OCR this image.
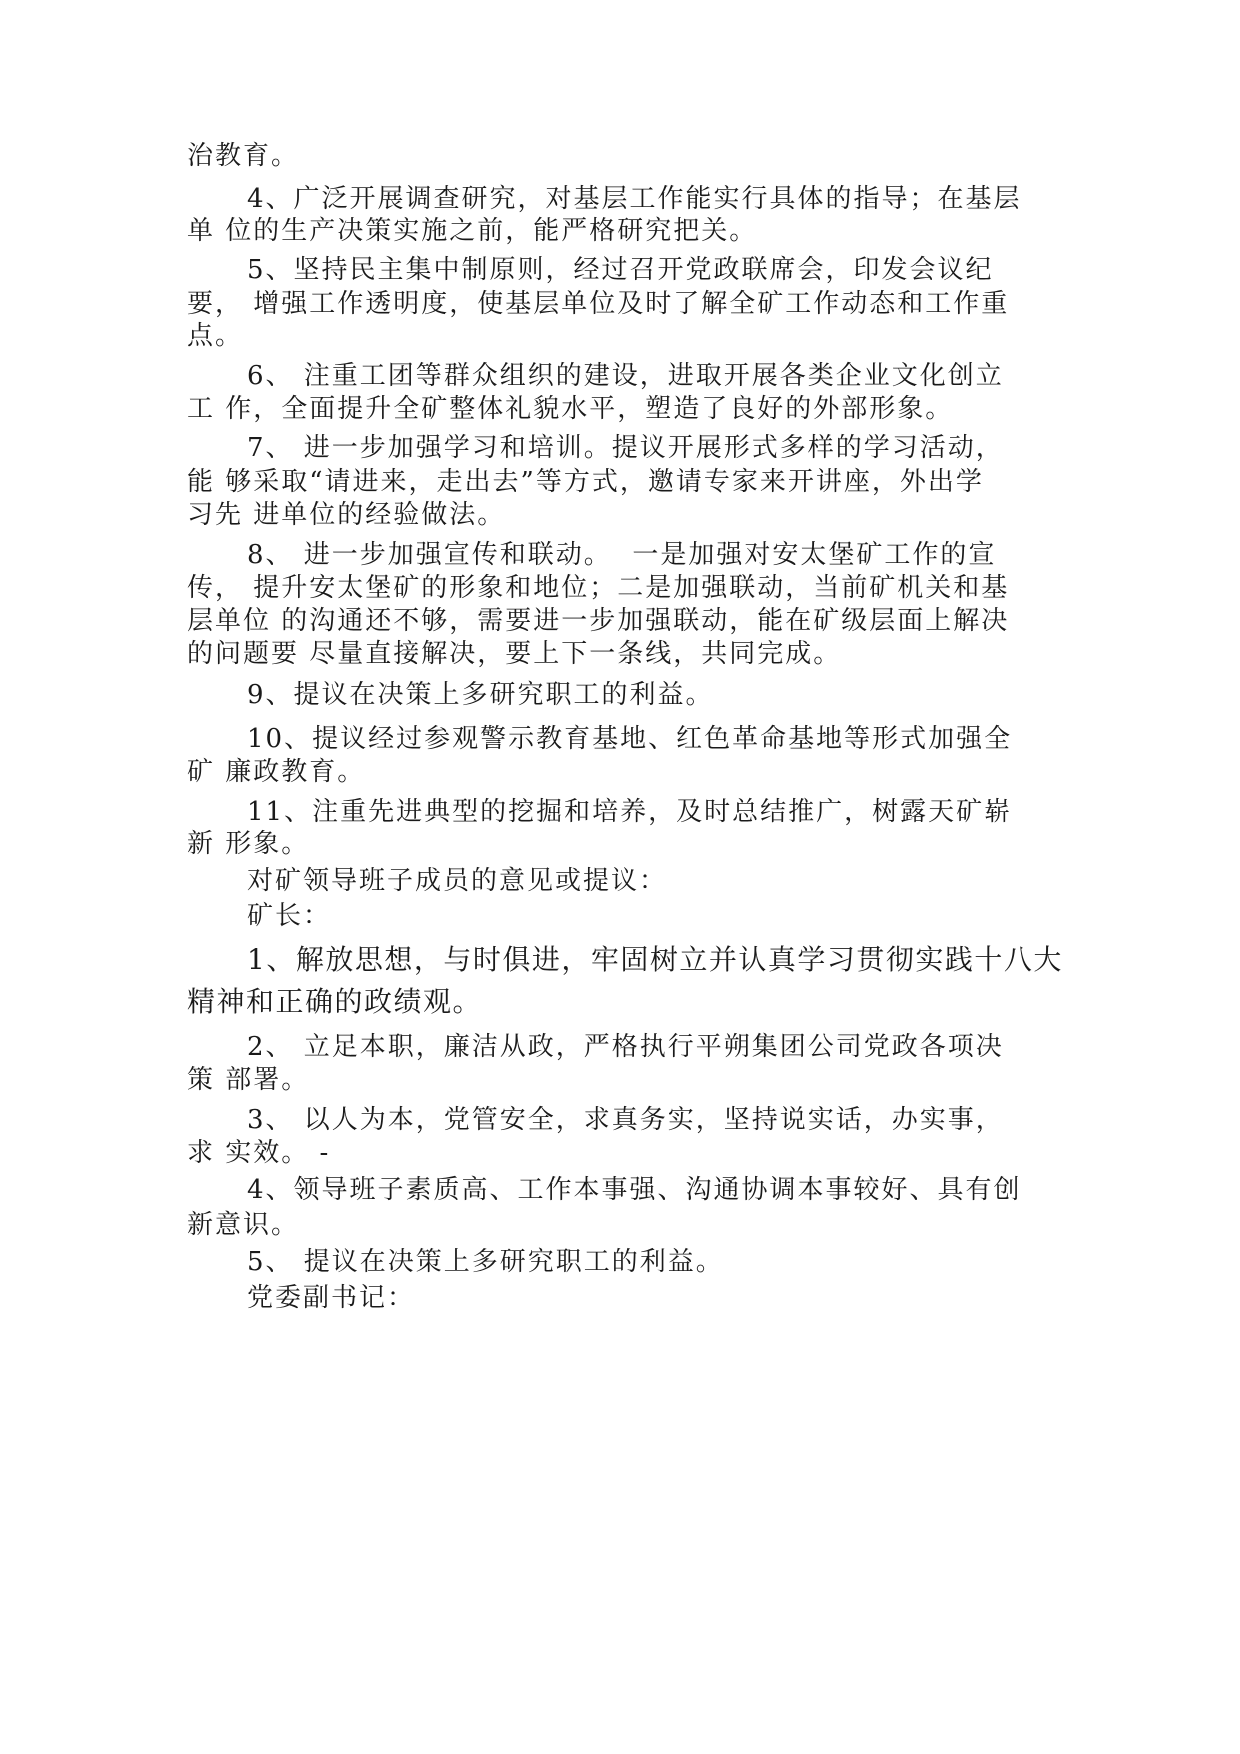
治教育。
4、广泛开展调查研究，对基层工作能实行具体的指导；在基层
单 位的生产决策实施之前，能严格研究把关。
5、坚持民主集中制原则，经过召开党政联席会，印发会议纪
要， 增强工作透明度，使基层单位及时了解全矿工作动态和工作重
点。
6、 注重工团等群众组织的建设，进取开展各类企业文化创立
工 作，全面提升全矿整体礼貌水平，塑造了良好的外部形象。
7、 进一步加强学习和培训。提议开展形式多样的学习活动，
能 够采取“请进来，走出去”等方式，邀请专家来开讲座，外出学
习先 进单位的经验做法。
8、 进一步加强宣传和联动。  一是加强对安太堡矿工作的宣
传， 提升安太堡矿的形象和地位；二是加强联动，当前矿机关和基
层单位 的沟通还不够，需要进一步加强联动，能在矿级层面上解决
的问题要 尽量直接解决，要上下一条线，共同完成。
9、提议在决策上多研究职工的利益。
10、提议经过参观警示教育基地、红色革命基地等形式加强全
矿 廉政教育。
11、注重先进典型的挖掘和培养，及时总结推广，树露天矿崭
新 形象。
对矿领导班子成员的意见或提议：
矿长：
1、解放思想，与时俱进，牢固树立并认真学习贯彻实践十八大
精神和正确的政绩观。
2、 立足本职，廉洁从政，严格执行平朔集团公司党政各项决
策 部署。
3、 以人为本，党管安全，求真务实，坚持说实话，办实事，
求 实效。 -
4、领导班子素质高、工作本事强、沟通协调本事较好、具有创
新意识。
5、 提议在决策上多研究职工的利益。
党委副书记：
